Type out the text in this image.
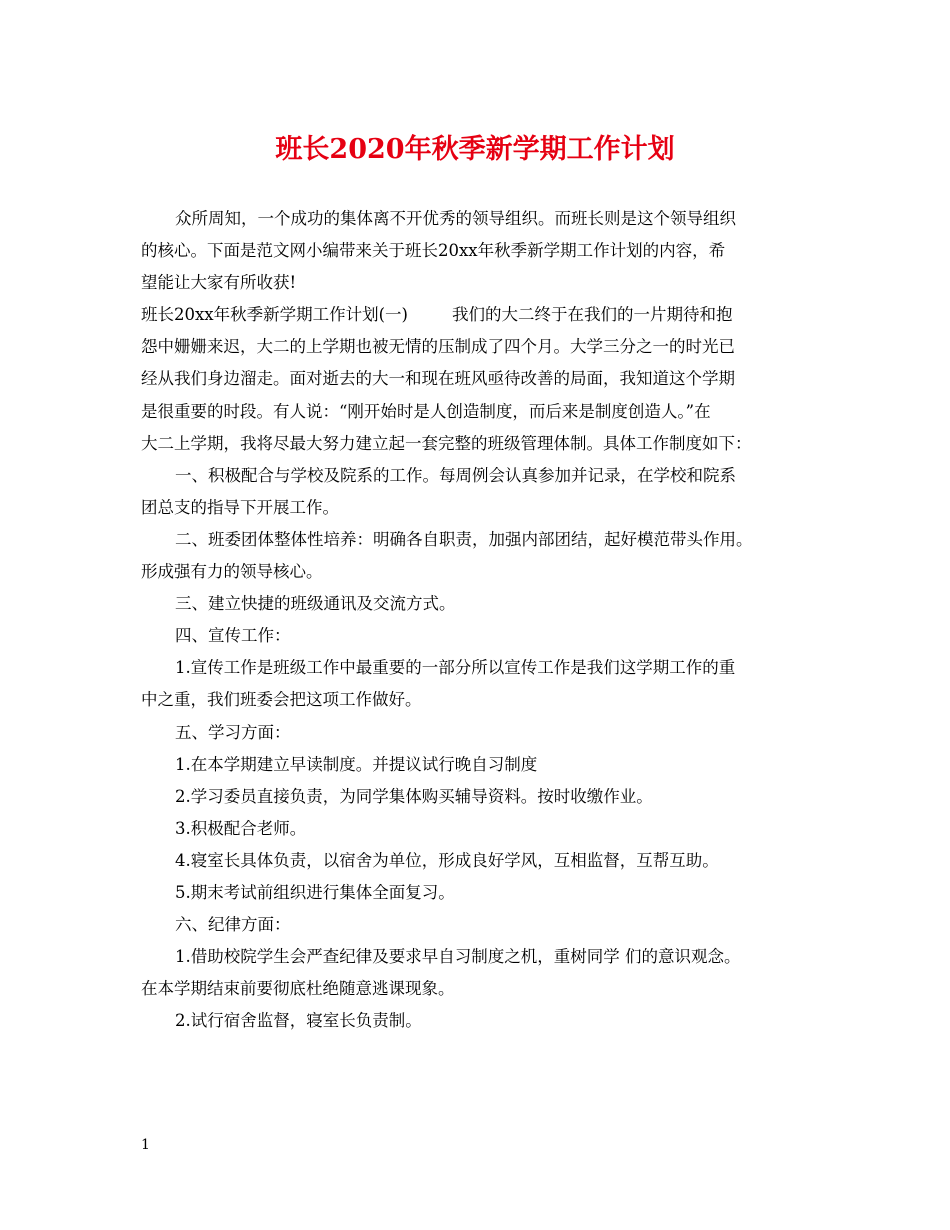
班长2020年秋季新学期工作计划
众所周知，一个成功的集体离不开优秀的领导组织。而班长则是这个领导组织
的核心。下面是范文网小编带来关于班长20xx年秋季新学期工作计划的内容，希
望能让大家有所收获!
班长20xx年秋季新学期工作计划(一)	我们的大二终于在我们的一片期待和抱
怨中姗姗来迟，大二的上学期也被无情的压制成了四个月。大学三分之一的时光已
经从我们身边溜走。面对逝去的大一和现在班风亟待改善的局面，我知道这个学期
是很重要的时段。有人说：“刚开始时是人创造制度，而后来是制度创造人。”在
大二上学期，我将尽最大努力建立起一套完整的班级管理体制。具体工作制度如下：
一、积极配合与学校及院系的工作。每周例会认真参加并记录，在学校和院系
团总支的指导下开展工作。
二、班委团体整体性培养：明确各自职责，加强内部团结，起好模范带头作用。
形成强有力的领导核心。
三、建立快捷的班级通讯及交流方式。
四、宣传工作：
1.宣传工作是班级工作中最重要的一部分所以宣传工作是我们这学期工作的重
中之重，我们班委会把这项工作做好。
五、学习方面：
1.在本学期建立早读制度。并提议试行晚自习制度
2.学习委员直接负责，为同学集体购买辅导资料。按时收缴作业。
3.积极配合老师。
4.寝室长具体负责，以宿舍为单位，形成良好学风，互相监督，互帮互助。
5.期末考试前组织进行集体全面复习。
六、纪律方面：
1.借助校院学生会严查纪律及要求早自习制度之机，重树同学 们的意识观念。
在本学期结束前要彻底杜绝随意逃课现象。
2.试行宿舍监督，寝室长负责制。
1
